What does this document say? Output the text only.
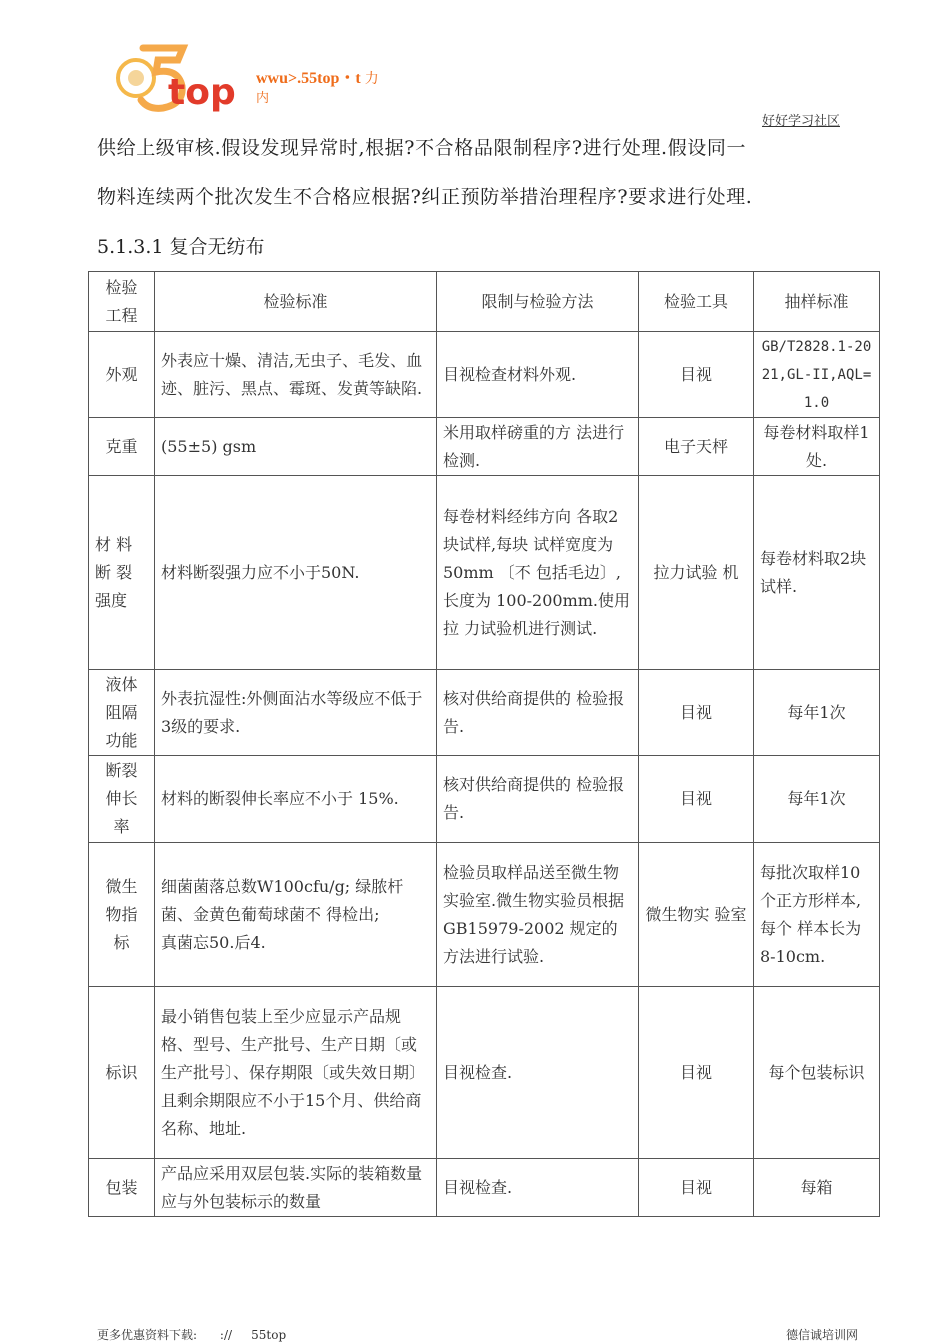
top wwu>.55top・t 力
内
好好学习社区
供给上级审核.假设发现异常时,根据?不合格品限制程序?进行处理.假设同一
物料连续两个批次发生不合格应根据?纠正预防举措治理程序?要求进行处理.
5.1.3.1 复合无纺布
检验
工程	检验标准	限制与检验方法	检验工具	抽样标准
外观	外表应十燥、清洁,无虫子、毛发、血迹、脏污、黑点、霉斑、发黄等缺陷.	目视检查材料外观.	目视	GB/T2828.1-2021,GL-II,AQL=1.0
克重	(55±5) gsm	米用取样磅重的方 法进行检测.	电子天枰	每卷材料取样1处.
材 料
断 裂
强度	材料断裂强力应不小于50N.	每卷材料经纬方向 各取2块试样,每块 试样宽度为50mm 〔不 包括毛边〕,长度为 100-200mm.使用拉 力试验机进行测试.	拉力试验 机	每卷材料取2块试样.
液体
阻隔
功能	外表抗湿性:外侧面沾水等级应不低于3级的要求.	核对供给商提供的 检验报告.	目视	每年1次
断裂
伸长
率	材料的断裂伸长率应不小于 15%.	核对供给商提供的 检验报告.	目视	每年1次
微生
物指
标	细菌菌落总数W100cfu/g; 绿脓杆菌、金黄色葡萄球菌不 得检出;
真菌忘50.后4.	检验员取样品送至微生物实验室.微生物实验员根据 GB15979-2002 规定的方法进行试验.	微生物实 验室	每批次取样10个正方形样本,每个 样本长为 8-10cm.
标识	最小销售包装上至少应显示产品规格、型号、生产批号、生产日期〔或生产批号〕、保存期限〔或失效日期〕且剩余期限应不小于15个月、供给商名称、地址.	目视检查.	目视	每个包装标识
包装	产品应采用双层包装.实际的装箱数量应与外包装标示的数量	目视检查.	目视	每箱
更多优惠资料下载:      ://     55top	德信诚培训网
